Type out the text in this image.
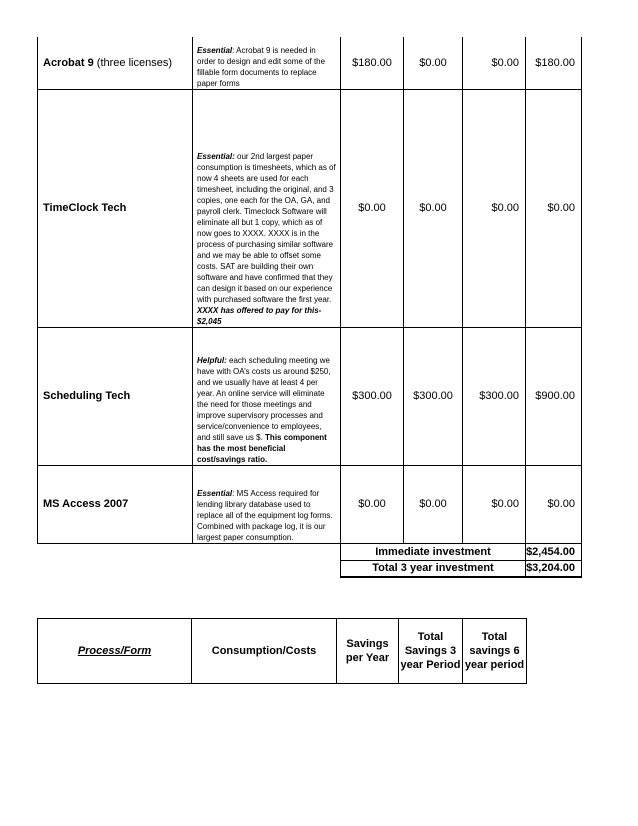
Acrobat 9 (three licenses)	Essential: Acrobat 9 is needed in order to design and edit some of the fillable form documents to replace paper forms	$180.00	$0.00	$0.00	$180.00
TimeClock Tech	Essential: our 2nd largest paper consumption is timesheets, which as of now 4 sheets are used for each timesheet, including the original, and 3 copies, one each for the OA, GA, and payroll clerk. Timeclock Software will eliminate all but 1 copy, which as of now goes to XXXX. XXXX is in the process of purchasing similar software and we may be able to offset some costs. SAT are building their own software and have confirmed that they can design it based on our experience with purchased software the first year. XXXX has offered to pay for this- $2,045	$0.00	$0.00	$0.00	$0.00
Scheduling Tech	Helpful: each scheduling meeting we have with OA’s costs us around $250, and we usually have at least 4 per year. An online service will eliminate the need for those meetings and improve supervisory processes and service/convenience to employees, and still save us $. This component has the most beneficial cost/savings ratio.	$300.00	$300.00	$300.00	$900.00
MS Access 2007	Essential: MS Access required for lending library database used to replace all of the equipment log forms. Combined with package log, it is our largest paper consumption.	$0.00	$0.00	$0.00	$0.00
		Immediate investment			$2,454.00
		Total 3 year investment			$3,204.00
Process/Form	Consumption/Costs	Savings per Year	Total Savings 3 year Period	Total savings 6 year period
